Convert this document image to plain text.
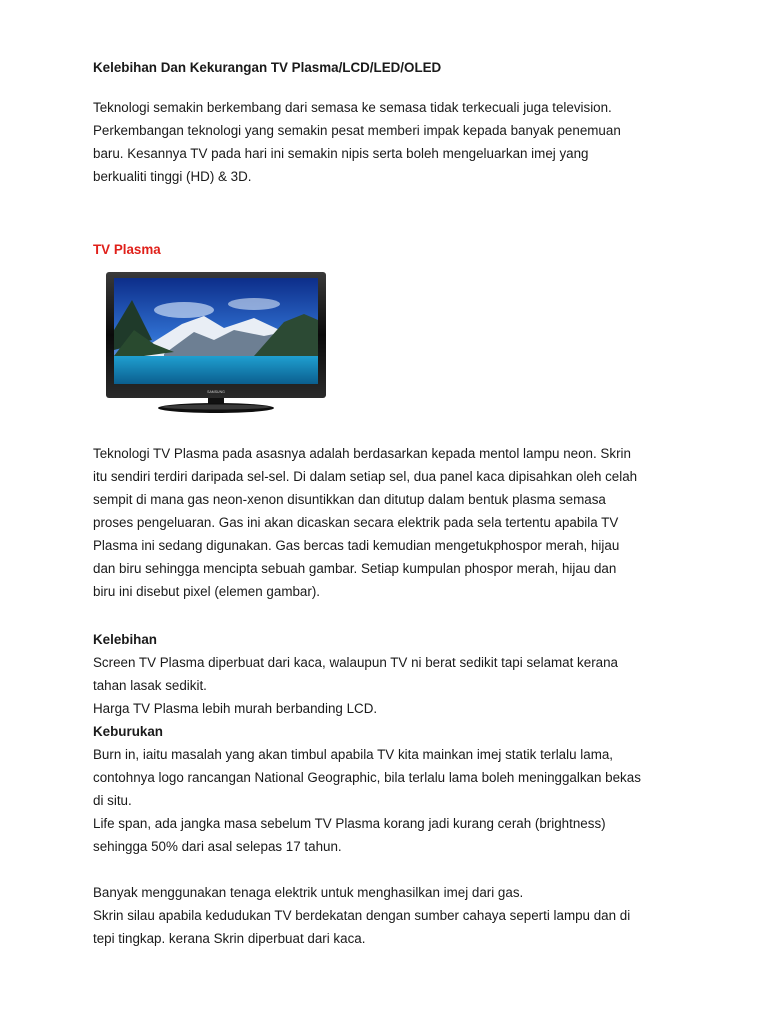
Kelebihan Dan Kekurangan TV Plasma/LCD/LED/OLED
Teknologi semakin berkembang dari semasa ke semasa tidak terkecuali juga television.
Perkembangan teknologi yang semakin pesat memberi impak kepada banyak penemuan
baru. Kesannya TV pada hari ini semakin nipis serta boleh mengeluarkan imej yang
berkualiti tinggi (HD) & 3D.
TV Plasma
SAMSUNG
Teknologi TV Plasma pada asasnya adalah berdasarkan kepada mentol lampu neon. Skrin
itu sendiri terdiri daripada sel-sel. Di dalam setiap sel, dua panel kaca dipisahkan oleh celah
sempit di mana gas neon-xenon disuntikkan dan ditutup dalam bentuk plasma semasa
proses pengeluaran. Gas ini akan dicaskan secara elektrik pada sela tertentu apabila TV
Plasma ini sedang digunakan. Gas bercas tadi kemudian mengetukphospor merah, hijau
dan biru sehingga mencipta sebuah gambar. Setiap kumpulan phospor merah, hijau dan
biru ini disebut pixel (elemen gambar).
Kelebihan
Screen TV Plasma diperbuat dari kaca, walaupun TV ni berat sedikit tapi selamat kerana
tahan lasak sedikit.
Harga TV Plasma lebih murah berbanding LCD.
Keburukan
Burn in, iaitu masalah yang akan timbul apabila TV kita mainkan imej statik terlalu lama,
contohnya logo rancangan National Geographic, bila terlalu lama boleh meninggalkan bekas
di situ.
Life span, ada jangka masa sebelum TV Plasma korang jadi kurang cerah (brightness)
sehingga 50% dari asal selepas 17 tahun.
Banyak menggunakan tenaga elektrik untuk menghasilkan imej dari gas.
Skrin silau apabila kedudukan TV berdekatan dengan sumber cahaya seperti lampu dan di
tepi tingkap. kerana Skrin diperbuat dari kaca.
